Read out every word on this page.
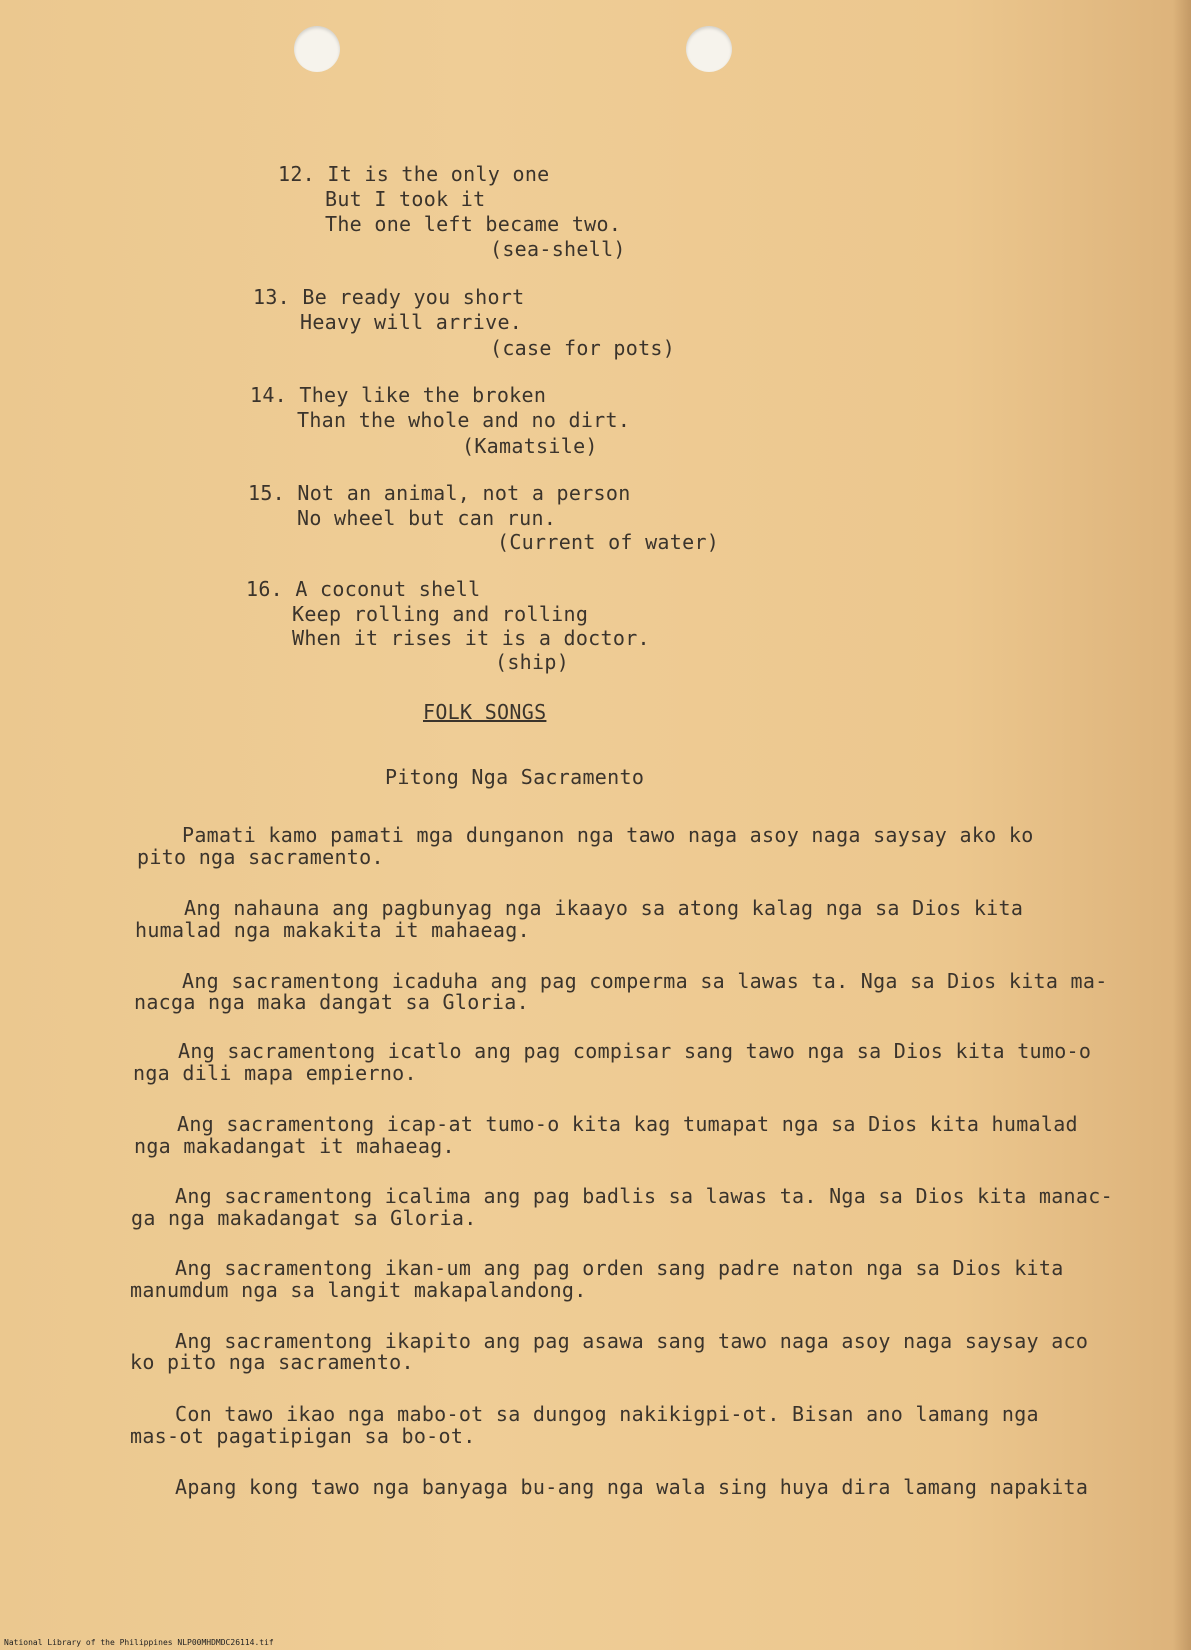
12. It is the only one
But I took it
The one left became two.
(sea-shell)
13. Be ready you short
Heavy will arrive.
(case for pots)
14. They like the broken
Than the whole and no dirt.
(Kamatsile)
15. Not an animal, not a person
No wheel but can run.
(Current of water)
16. A coconut shell
Keep rolling and rolling
When it rises it is a doctor.
(ship)
FOLK SONGS
Pitong Nga Sacramento
Pamati kamo pamati mga dunganon nga tawo naga asoy naga saysay ako ko
pito nga sacramento.
Ang nahauna ang pagbunyag nga ikaayo sa atong kalag nga sa Dios kita
humalad nga makakita it mahaeag.
Ang sacramentong icaduha ang pag comperma sa lawas ta. Nga sa Dios kita ma-
nacga nga maka dangat sa Gloria.
Ang sacramentong icatlo ang pag compisar sang tawo nga sa Dios kita tumo-o
nga dili mapa empierno.
Ang sacramentong icap-at tumo-o kita kag tumapat nga sa Dios kita humalad
nga makadangat it mahaeag.
Ang sacramentong icalima ang pag badlis sa lawas ta. Nga sa Dios kita manac-
ga nga makadangat sa Gloria.
Ang sacramentong ikan-um ang pag orden sang padre naton nga sa Dios kita
manumdum nga sa langit makapalandong.
Ang sacramentong ikapito ang pag asawa sang tawo naga asoy naga saysay aco
ko pito nga sacramento.
Con tawo ikao nga mabo-ot sa dungog nakikigpi-ot. Bisan ano lamang nga
mas-ot pagatipigan sa bo-ot.
Apang kong tawo nga banyaga bu-ang nga wala sing huya dira lamang napakita
National Library of the Philippines NLP00MHDMDC26114.tif
